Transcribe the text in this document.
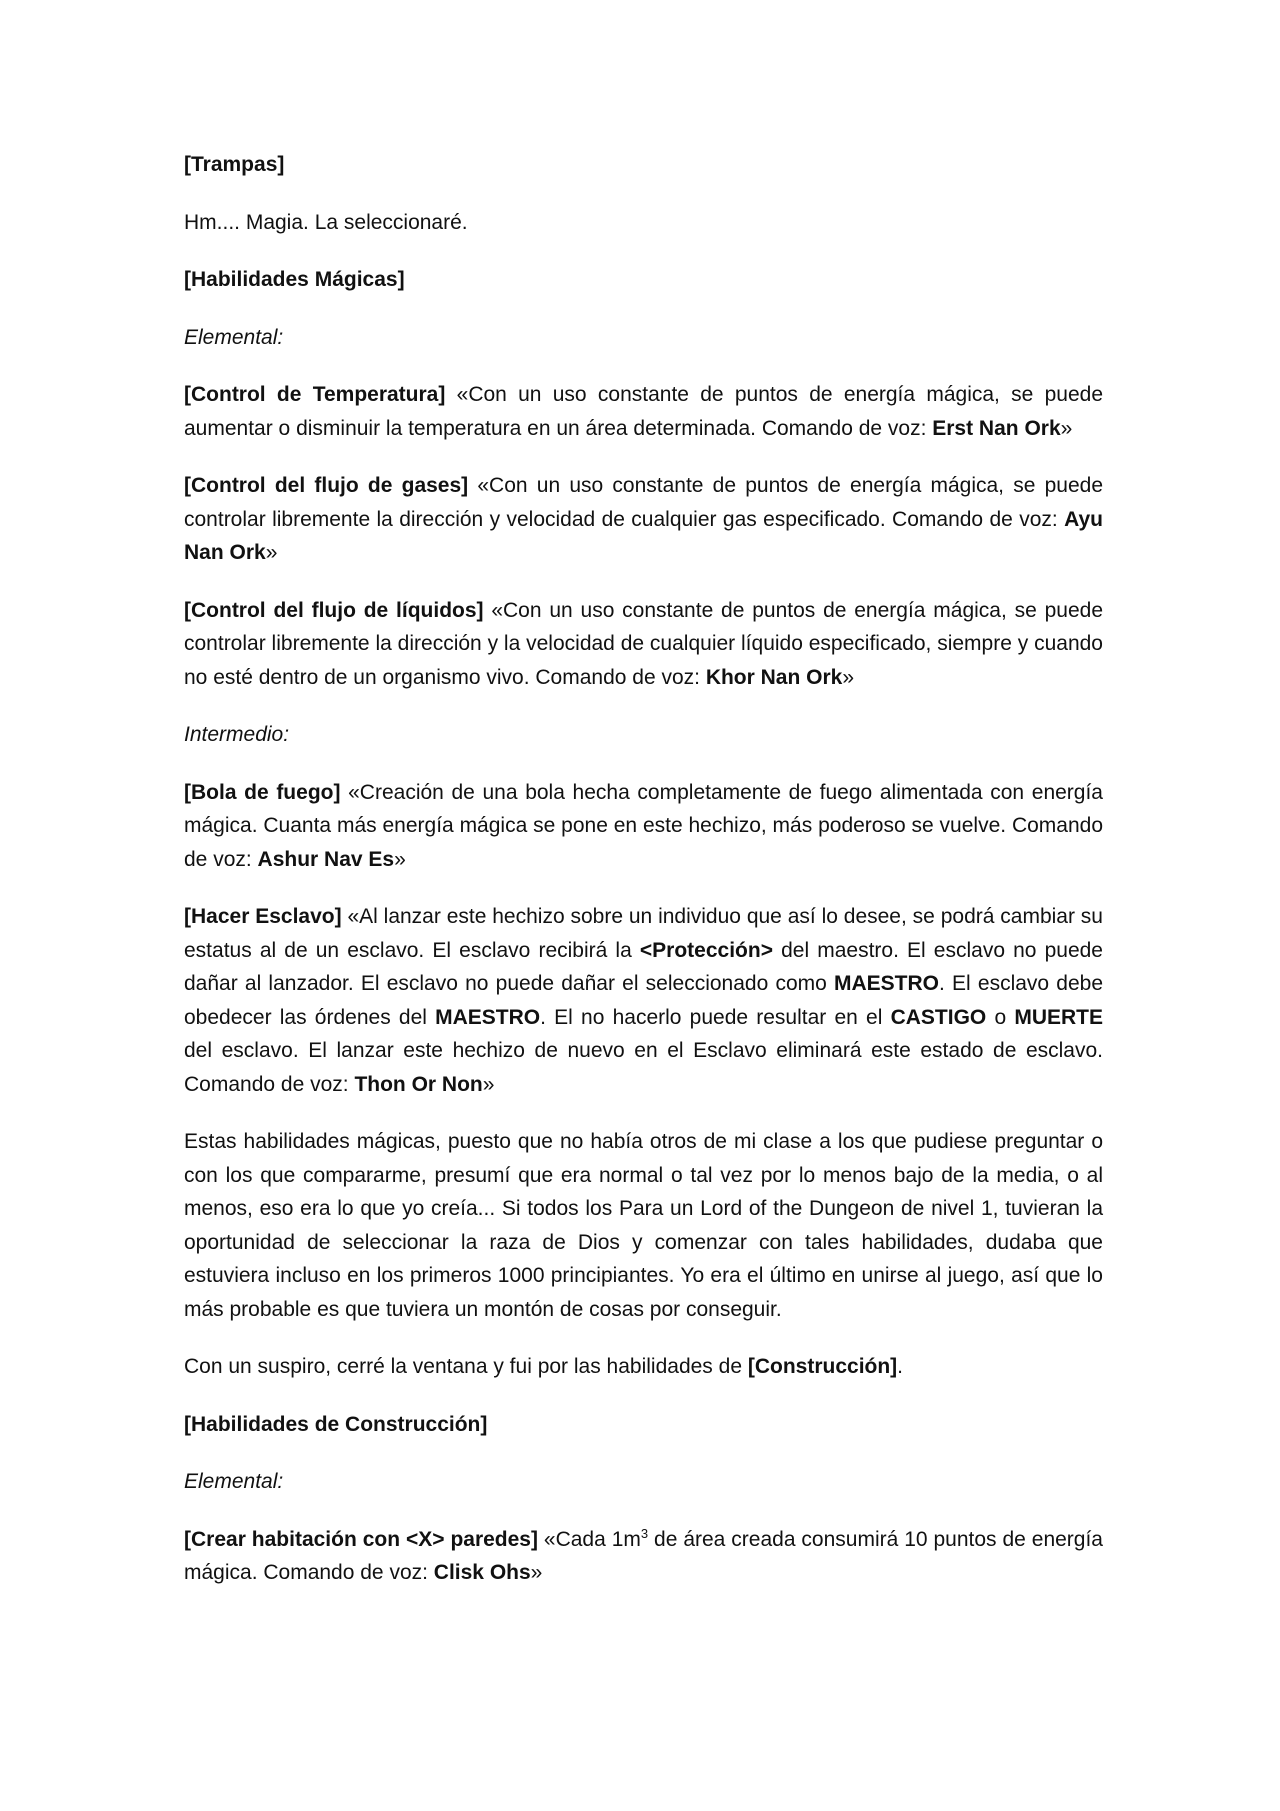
[Trampas]

Hm.... Magia. La seleccionaré.

[Habilidades Mágicas]

Elemental:

[Control de Temperatura] «Con un uso constante de puntos de energía mágica, se puede aumentar o disminuir la temperatura en un área determinada. Comando de voz: Erst Nan Ork»

[Control del flujo de gases] «Con un uso constante de puntos de energía mágica, se puede controlar libremente la dirección y velocidad de cualquier gas especificado. Comando de voz: Ayu Nan Ork»

[Control del flujo de líquidos] «Con un uso constante de puntos de energía mágica, se puede controlar libremente la dirección y la velocidad de cualquier líquido especificado, siempre y cuando no esté dentro de un organismo vivo. Comando de voz: Khor Nan Ork»

Intermedio:

[Bola de fuego] «Creación de una bola hecha completamente de fuego alimentada con energía mágica. Cuanta más energía mágica se pone en este hechizo, más poderoso se vuelve. Comando de voz: Ashur Nav Es»

[Hacer Esclavo] «Al lanzar este hechizo sobre un individuo que así lo desee, se podrá cambiar su estatus al de un esclavo. El esclavo recibirá la <Protección> del maestro. El esclavo no puede dañar al lanzador. El esclavo no puede dañar el seleccionado como MAESTRO. El esclavo debe obedecer las órdenes del MAESTRO. El no hacerlo puede resultar en el CASTIGO o MUERTE del esclavo. El lanzar este hechizo de nuevo en el Esclavo eliminará este estado de esclavo. Comando de voz: Thon Or Non»

Estas habilidades mágicas, puesto que no había otros de mi clase a los que pudiese preguntar o con los que compararme, presumí que era normal o tal vez por lo menos bajo de la media, o al menos, eso era lo que yo creía... Si todos los Para un Lord of the Dungeon de nivel 1, tuvieran la oportunidad de seleccionar la raza de Dios y comenzar con tales habilidades, dudaba que estuviera incluso en los primeros 1000 principiantes. Yo era el último en unirse al juego, así que lo más probable es que tuviera un montón de cosas por conseguir.

Con un suspiro, cerré la ventana y fui por las habilidades de [Construcción].

[Habilidades de Construcción]

Elemental:

[Crear habitación con <X> paredes] «Cada $1m^3$ de área creada consumirá 10 puntos de energía mágica. Comando de voz: Clisk Ohs»
